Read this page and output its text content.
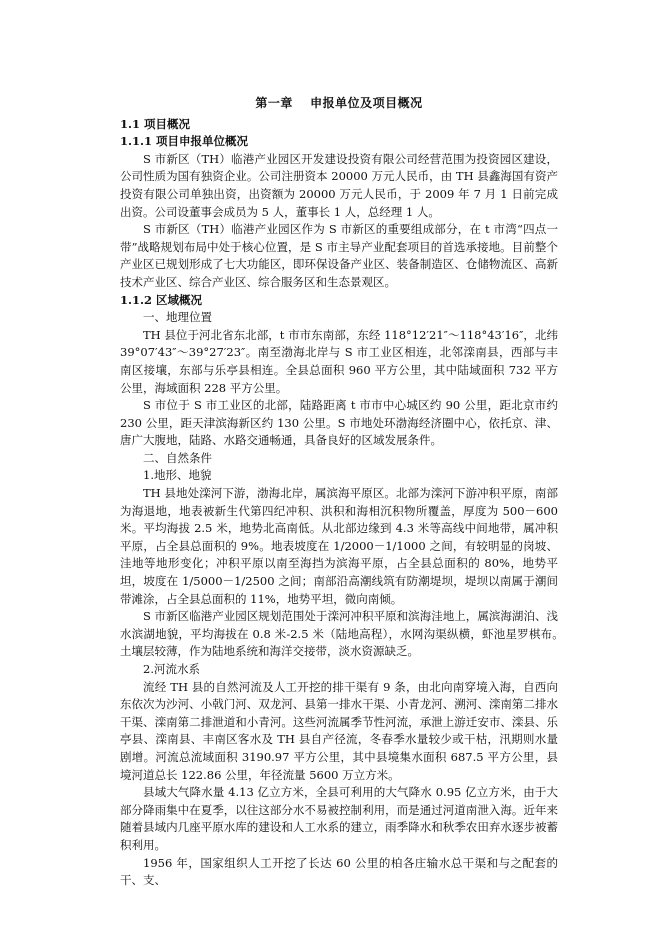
第一章　 申报单位及项目概况
1.1 项目概况
1.1.1 项目申报单位概况

S 市新区（TH）临港产业园区开发建设投资有限公司经营范围为投资园区建设，公司性质为国有独资企业。公司注册资本 20000 万元人民币，由 TH 县鑫海国有资产投资有限公司单独出资，出资额为 20000 万元人民币，于 2009 年 7 月 1 日前完成出资。公司设董事会成员为 5 人，董事长 1 人，总经理 1 人。

S 市新区（TH）临港产业园区作为 S 市新区的重要组成部分，在 t 市湾“四点一带”战略规划布局中处于核心位置，是 S 市主导产业配套项目的首选承接地。目前整个产业区已规划形成了七大功能区，即环保设备产业区、装备制造区、仓储物流区、高新技术产业区、综合产业区、综合服务区和生态景观区。

1.1.2 区域概况

一、地理位置

TH 县位于河北省东北部，t 市市东南部，东经 118°12′21″～118°43′16″，北纬 39°07′43″～39°27′23″。南至渤海北岸与 S 市工业区相连，北邻滦南县，西部与丰南区接壤，东部与乐亭县相连。全县总面积 960 平方公里，其中陆域面积 732 平方公里，海域面积 228 平方公里。

S 市位于 S 市工业区的北部，陆路距离 t 市市中心城区约 90 公里，距北京市约 230 公里，距天津滨海新区约 130 公里。S 市地处环渤海经济圈中心，依托京、津、唐广大腹地，陆路、水路交通畅通，具备良好的区域发展条件。

二、自然条件

1.地形、地貌

TH 县地处滦河下游，渤海北岸，属滨海平原区。北部为滦河下游冲积平原，南部为海退地，地表被新生代第四纪冲积、洪积和海相沉积物所覆盖，厚度为 500－600 米。平均海拔 2.5 米，地势北高南低。从北部边缘到 4.3 米等高线中间地带，属冲积平原，占全县总面积的 9%。地表坡度在 1/2000－1/1000 之间，有较明显的岗坡、洼地等地形变化；冲积平原以南至海挡为滨海平原，占全县总面积的 80%，地势平坦，坡度在 1/5000－1/2500 之间；南部沿高潮线筑有防潮堤坝，堤坝以南属于潮间带滩涂，占全县总面积的 11%，地势平坦，微向南倾。

S 市新区临港产业园区规划范围处于滦河冲积平原和滨海洼地上，属滨海湖泊、浅水滨湖地貌，平均海拔在 0.8 米-2.5 米（陆地高程），水网沟渠纵横，虾池星罗棋布。　　土壤层较薄，作为陆地系统和海洋交接带，淡水资源缺乏。

2.河流水系

流经 TH 县的自然河流及人工开挖的排干渠有 9 条，由北向南穿境入海，自西向东依次为沙河、小戟门河、双龙河、县第一排水干渠、小青龙河、溯河、滦南第二排水干渠、滦南第二排泄道和小青河。这些河流属季节性河流，承泄上游迁安市、滦县、乐亭县、滦南县、丰南区客水及 TH 县自产径流，冬春季水量较少或干枯，汛期则水量剧增。河流总流域面积 3190.97 平方公里，其中县境集水面积 687.5 平方公里，县境河道总长 122.86 公里，年径流量 5600 万立方米。

县域大气降水量 4.13 亿立方米，全县可利用的大气降水 0.95 亿立方米，由于大部分降雨集中在夏季，以往这部分水不易被控制利用，而是通过河道南泄入海。近年来随着县域内几座平原水库的建设和人工水系的建立，雨季降水和秋季农田弃水逐步被蓄积利用。

1956 年，国家组织人工开挖了长达 60 公里的柏各庄输水总干渠和与之配套的干、支、
